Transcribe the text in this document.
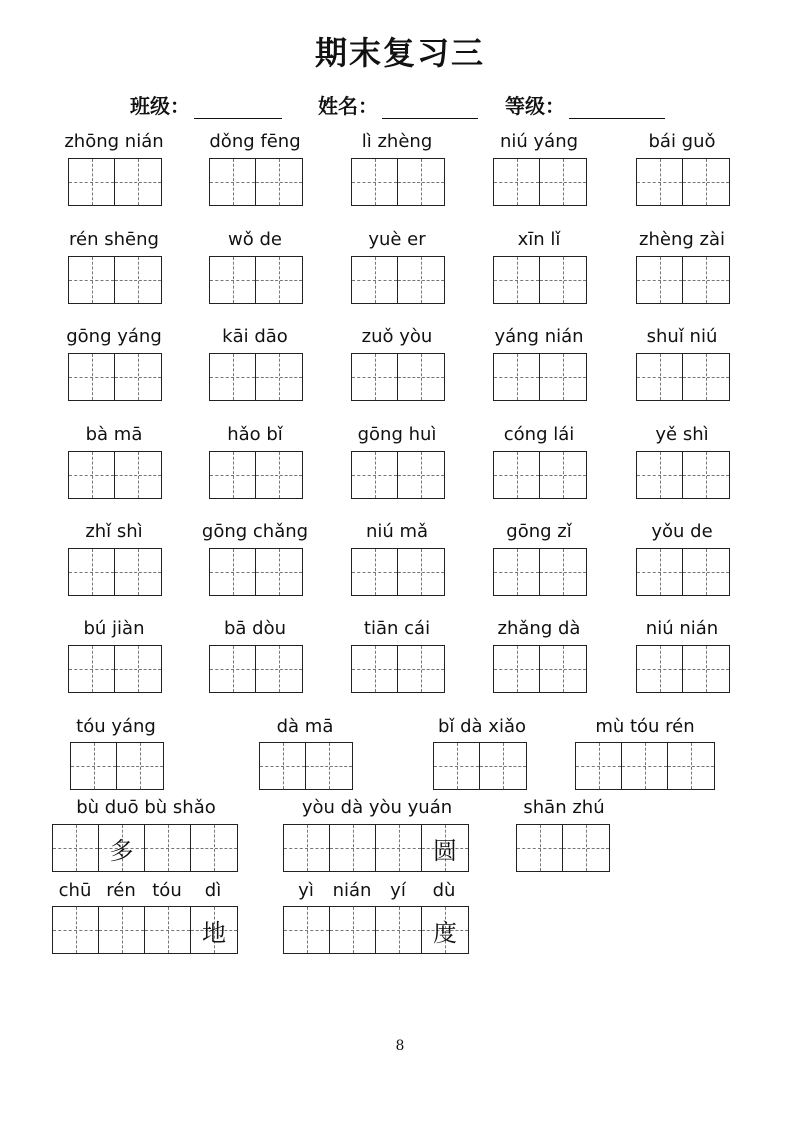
期末复习三
班级：	姓名：	等级：
zhōng nián	dǒng fēng	lì zhèng	niú yáng	bái guǒ
rén shēng	wǒ de	yuè er	xīn lǐ	zhèng zài
gōng yáng	kāi dāo	zuǒ yòu	yáng nián	shuǐ niú
bà mā	hǎo bǐ	gōng huì	cóng lái	yě shì
zhǐ shì	gōng chǎng	niú mǎ	gōng zǐ	yǒu de
bú jiàn	bā dòu	tiān cái	zhǎng dà	niú nián
tóu yáng	dà mā	bǐ dà xiǎo	mù tóu rén
bù duō bù shǎo
多
yòu dà yòu yuán
圆
shān zhú
chū rén tóu	dì
地
yì	nián	yí	dù
度
8
